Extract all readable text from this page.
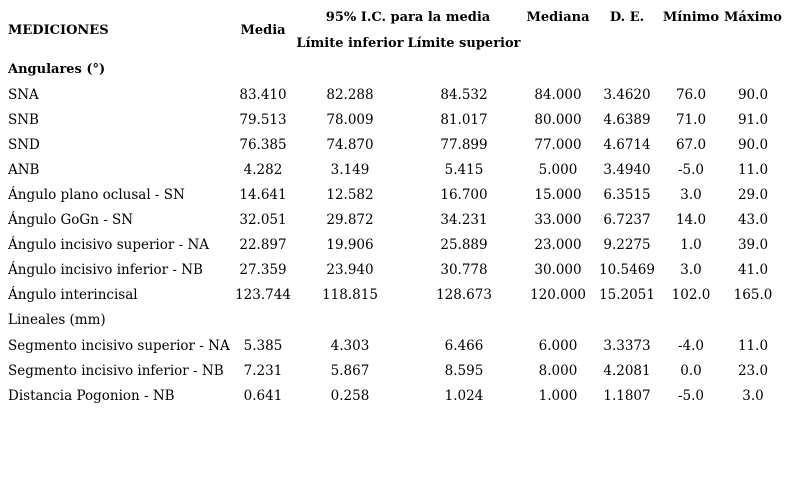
MEDICIONES	Media	95% I.C. para la media		Mediana	D. E.	Mínimo	Máximo
		Límite inferior	Límite superior				
Angulares (°)							
SNA	83.410	82.288	84.532	84.000	3.4620	76.0	90.0
SNB	79.513	78.009	81.017	80.000	4.6389	71.0	91.0
SND	76.385	74.870	77.899	77.000	4.6714	67.0	90.0
ANB	4.282	3.149	5.415	5.000	3.4940	-5.0	11.0
Ángulo plano oclusal - SN	14.641	12.582	16.700	15.000	6.3515	3.0	29.0
Ángulo GoGn - SN	32.051	29.872	34.231	33.000	6.7237	14.0	43.0
Ángulo incisivo superior - NA	22.897	19.906	25.889	23.000	9.2275	1.0	39.0
Ángulo incisivo inferior - NB	27.359	23.940	30.778	30.000	10.5469	3.0	41.0
Ángulo interincisal	123.744	118.815	128.673	120.000	15.2051	102.0	165.0
Lineales (mm)							
Segmento incisivo superior - NA	5.385	4.303	6.466	6.000	3.3373	-4.0	11.0
Segmento incisivo inferior - NB	7.231	5.867	8.595	8.000	4.2081	0.0	23.0
Distancia Pogonion - NB	0.641	0.258	1.024	1.000	1.1807	-5.0	3.0
